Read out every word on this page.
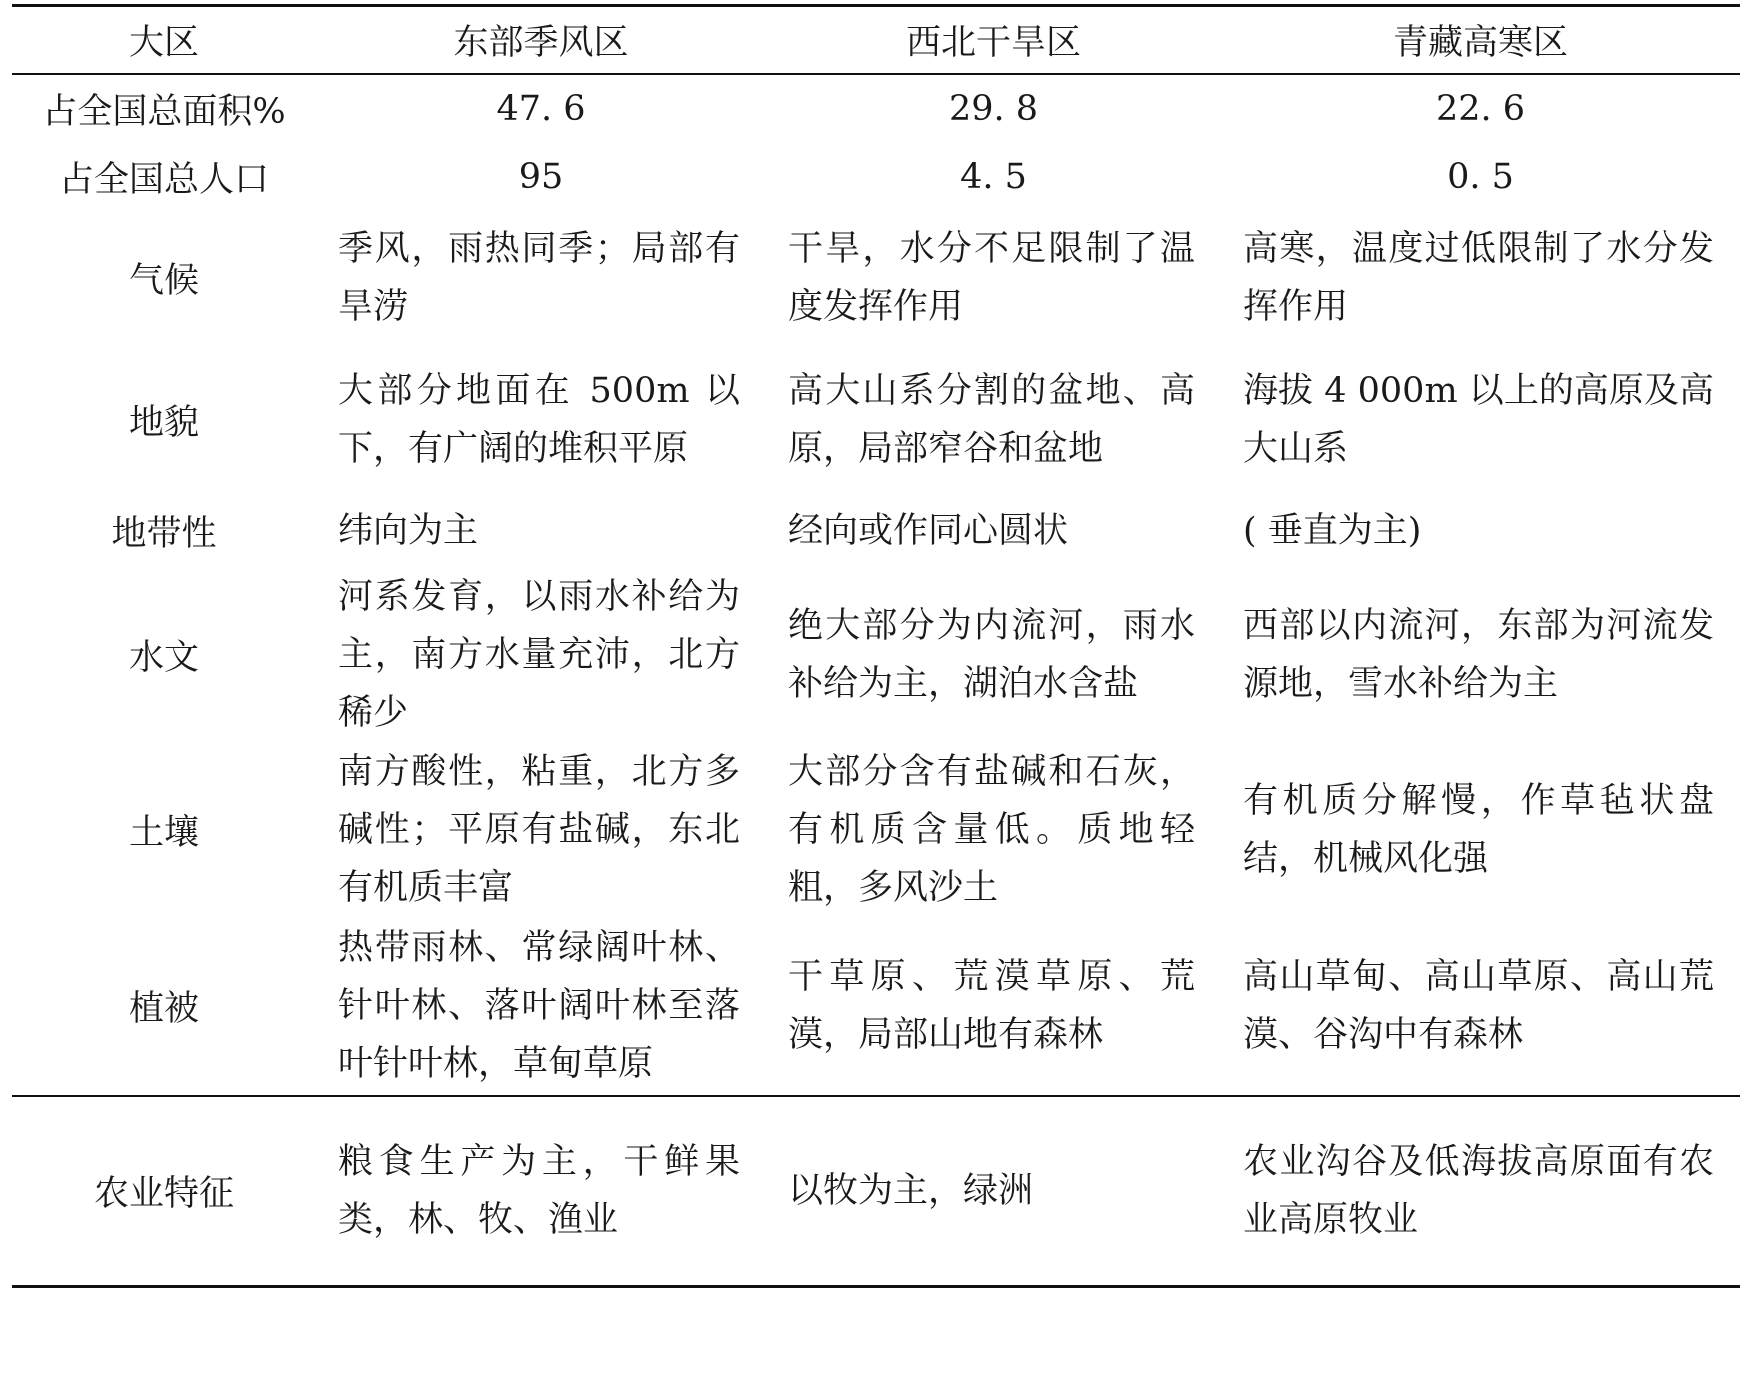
大区	东部季风区	西北干旱区	青藏高寒区
占全国总面积%	47. 6	29. 8	22. 6
占全国总人口	95	4. 5	0. 5
气候	季风，雨热同季；局部有旱涝	干旱，水分不足限制了温度发挥作用	高寒，温度过低限制了水分发挥作用
地貌	大部分地面在 500m 以下，有广阔的堆积平原	高大山系分割的盆地、高原，局部窄谷和盆地	海拔 4 000m 以上的高原及高大山系
地带性	纬向为主	经向或作同心圆状	( 垂直为主)
水文	河系发育，以雨水补给为主，南方水量充沛，北方稀少	绝大部分为内流河，雨水补给为主，湖泊水含盐	西部以内流河，东部为河流发源地，雪水补给为主
土壤	南方酸性，粘重，北方多碱性；平原有盐碱，东北有机质丰富	大部分含有盐碱和石灰，有机质含量低。质地轻粗，多风沙土	有机质分解慢，作草毡状盘结，机械风化强
植被	热带雨林、常绿阔叶林、针叶林、落叶阔叶林至落叶针叶林，草甸草原	干草原、荒漠草原、荒漠，局部山地有森林	高山草甸、高山草原、高山荒漠、谷沟中有森林
农业特征	粮食生产为主，干鲜果类，林、牧、渔业	以牧为主，绿洲	农业沟谷及低海拔高原面有农业高原牧业
